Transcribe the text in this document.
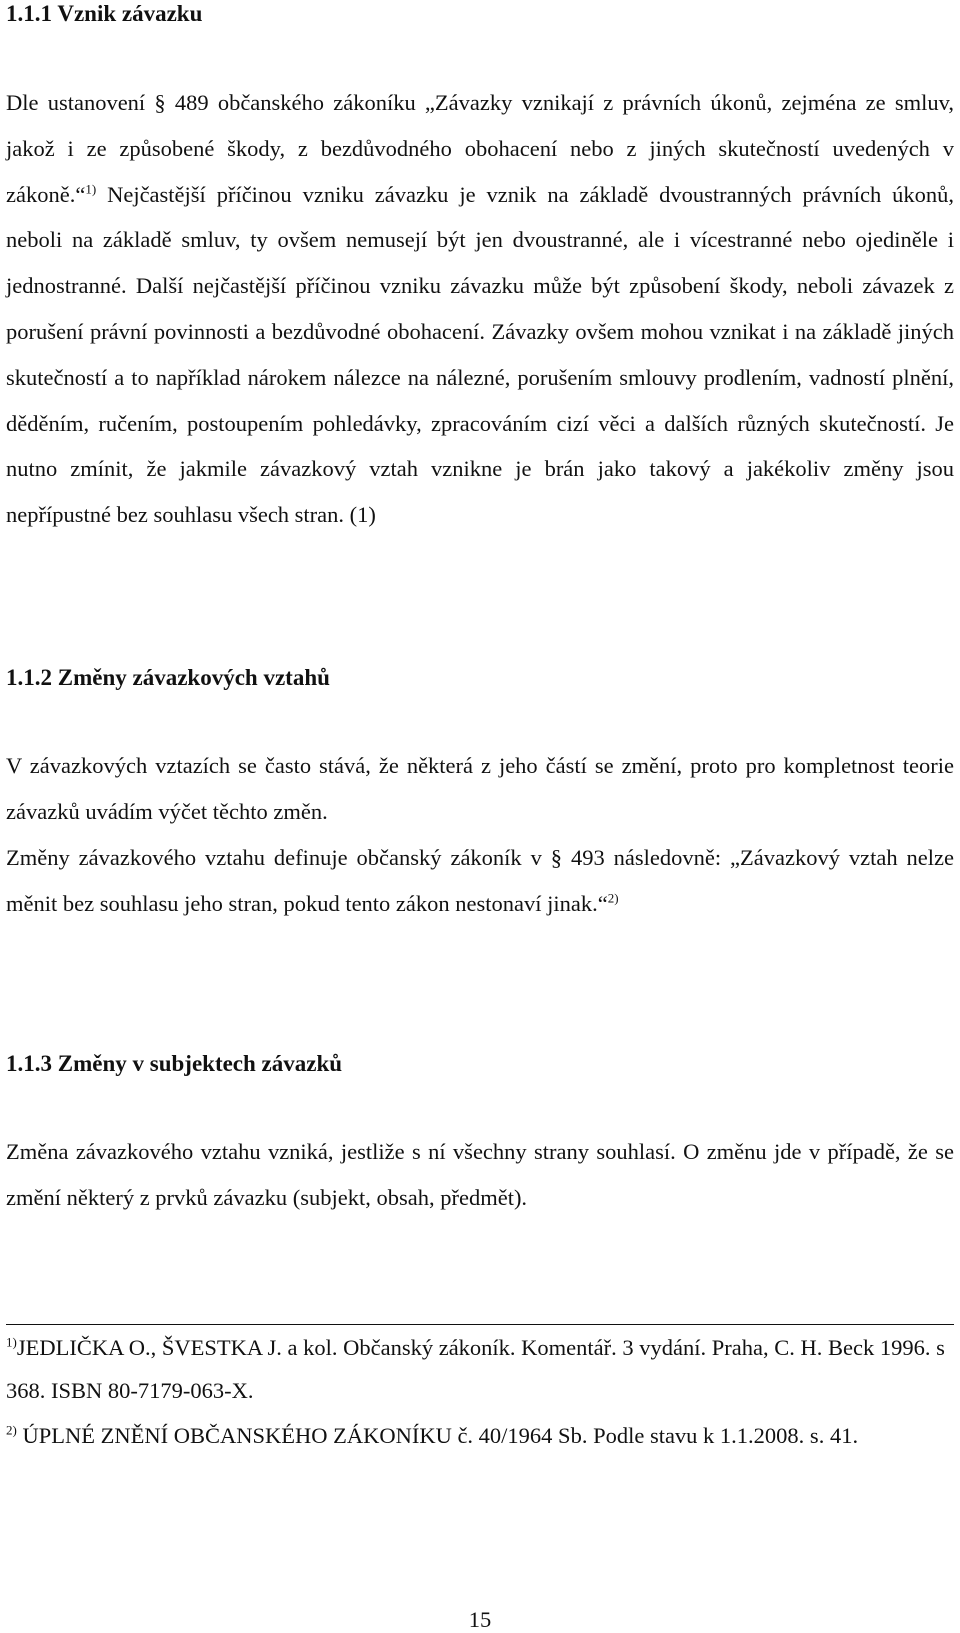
1.1.1 Vznik závazku

Dle ustanovení § 489 občanského zákoníku „Závazky vznikají z právních úkonů, zejména ze smluv, jakož i ze způsobené škody, z bezdůvodného obohacení nebo z jiných skutečností uvedených v zákoně.“$^{1)}$ Nejčastější příčinou vzniku závazku je vznik na základě dvoustranných právních úkonů, neboli na základě smluv, ty ovšem nemusejí být jen dvoustranné, ale i vícestranné nebo ojediněle i jednostranné. Další nejčastější příčinou vzniku závazku může být způsobení škody, neboli závazek z porušení právní povinnosti a bezdůvodné obohacení. Závazky ovšem mohou vznikat i na základě jiných skutečností a to například nárokem nálezce na nálezné, porušením smlouvy prodlením, vadností plnění, děděním, ručením, postoupením pohledávky, zpracováním cizí věci a dalších různých skutečností. Je nutno zmínit, že jakmile závazkový vztah vznikne je brán jako takový a jakékoliv změny jsou nepřípustné bez souhlasu všech stran. (1)

1.1.2 Změny závazkových vztahů

V závazkových vztazích se často stává, že některá z jeho částí se změní, proto pro kompletnost teorie závazků uvádím výčet těchto změn.

Změny závazkového vztahu definuje občanský zákoník v § 493 následovně: „Závazkový vztah nelze měnit bez souhlasu jeho stran, pokud tento zákon nestonaví jinak.“$^{2)}$

1.1.3 Změny v subjektech závazků

Změna závazkového vztahu vzniká, jestliže s ní všechny strany souhlasí. O změnu jde v případě, že se změní některý z prvků závazku (subjekt, obsah, předmět).

$^{1)}$JEDLIČKA O., ŠVESTKA J. a kol. Občanský zákoník. Komentář. 3 vydání. Praha, C. H. Beck 1996. s 368. ISBN 80-7179-063-X.

$^{2)}$ ÚPLNÉ ZNĚNÍ OBČANSKÉHO ZÁKONÍKU č. 40/1964 Sb. Podle stavu k 1.1.2008. s. 41.

15
